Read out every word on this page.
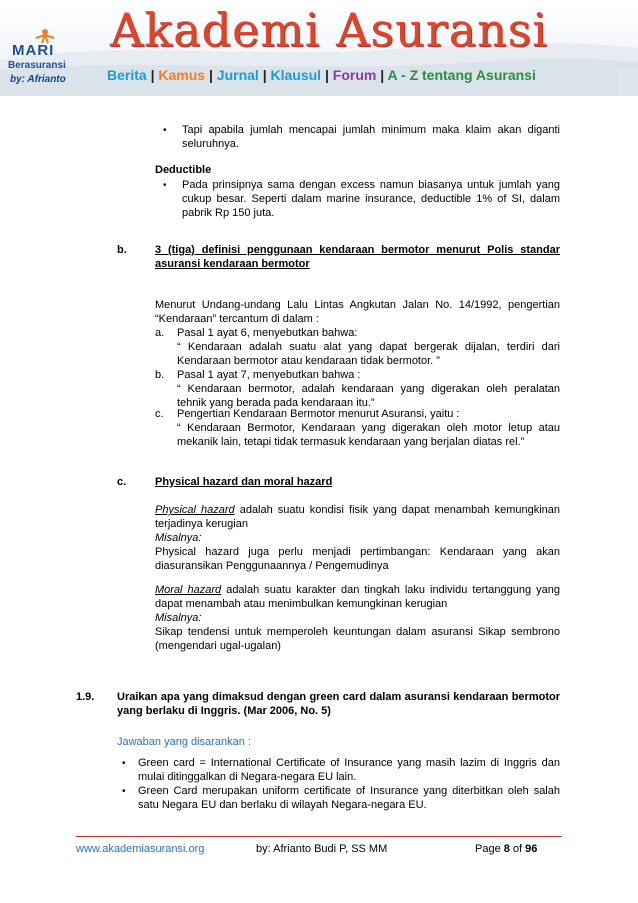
MARI
Berasuransi
by: Afrianto
Akademi Asuransi
Berita | Kamus | Jurnal | Klausul | Forum | A - Z tentang Asuransi
• Tapi apabila jumlah mencapai jumlah minimum maka klaim akan diganti seluruhnya.
Deductible
• Pada prinsipnya sama dengan excess namun biasanya untuk jumlah yang cukup besar. Seperti dalam marine insurance, deductible 1% of SI, dalam pabrik Rp 150 juta.
b.	3 (tiga) definisi penggunaan kendaraan bermotor menurut Polis standar asuransi kendaraan bermotor
Menurut Undang-undang Lalu Lintas Angkutan Jalan No. 14/1992, pengertian “Kendaraan” tercantum di dalam :
a. Pasal 1 ayat 6, menyebutkan bahwa:
“ Kendaraan adalah suatu alat yang dapat bergerak dijalan, terdiri dari Kendaraan bermotor atau kendaraan tidak bermotor. ”
b. Pasal 1 ayat 7, menyebutkan bahwa :
“ Kendaraan bermotor, adalah kendaraan yang digerakan oleh peralatan tehnik yang berada pada kendaraan itu.”
c. Pengertian Kendaraan Bermotor menurut Asuransi, yaitu :
“ Kendaraan Bermotor, Kendaraan yang digerakan oleh motor letup atau mekanik lain, tetapi tidak termasuk kendaraan yang berjalan diatas rel.”
c.	Physical hazard dan moral hazard
Physical hazard adalah suatu kondisi fisik yang dapat menambah kemungkinan terjadinya kerugian
Misalnya:
Physical hazard juga perlu menjadi pertimbangan: Kendaraan yang akan diasuransikan Penggunaannya / Pengemudinya
Moral hazard adalah suatu karakter dan tingkah laku individu tertanggung yang dapat menambah atau menimbulkan kemungkinan kerugian
Misalnya:
Sikap tendensi untuk memperoleh keuntungan dalam asuransi Sikap sembrono (mengendari ugal-ugalan)
1.9. Uraikan apa yang dimaksud dengan green card dalam asuransi kendaraan bermotor yang berlaku di Inggris. (Mar 2006, No. 5)
Jawaban yang disarankan :
• Green card = International Certificate of Insurance yang masih lazim di Inggris dan mulai ditinggalkan di Negara-negara EU lain.
• Green Card merupakan uniform certificate of Insurance yang diterbitkan oleh salah satu Negara EU dan berlaku di wilayah Negara-negara EU.
www.akademiasuransi.org	by: Afrianto Budi P, SS MM	Page 8 of 96
